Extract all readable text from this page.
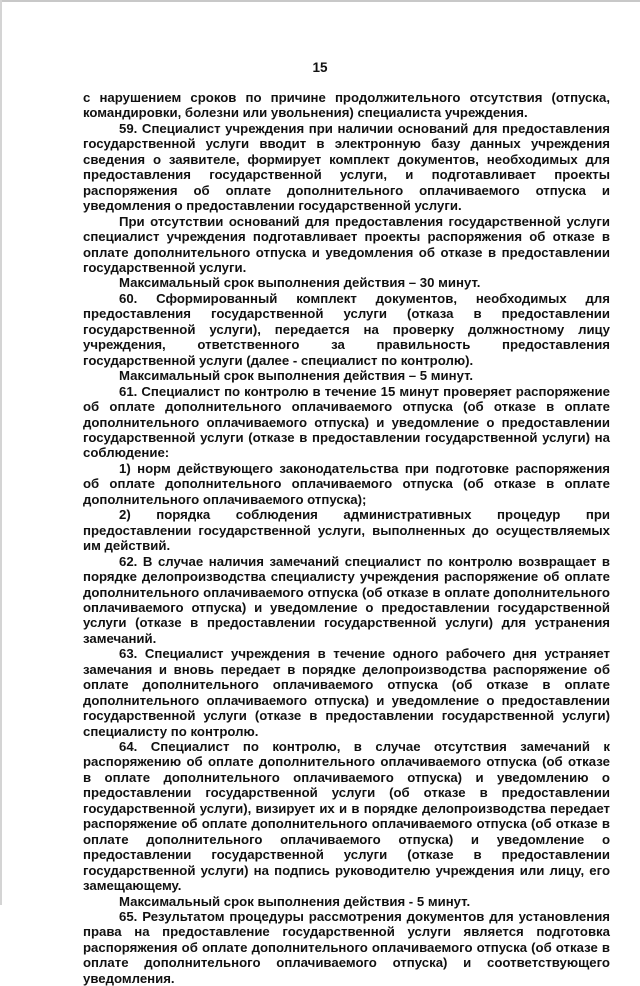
15

с нарушением сроков по причине продолжительного отсутствия (отпуска, командировки, болезни или увольнения) специалиста учреждения.

59. Специалист учреждения при наличии оснований для предоставления государственной услуги вводит в электронную базу данных учреждения сведения о заявителе, формирует комплект документов, необходимых для предоставления государственной услуги, и подготавливает проекты распоряжения об оплате дополнительного оплачиваемого отпуска и уведомления о предоставлении государственной услуги.

При отсутствии оснований для предоставления государственной услуги специалист учреждения подготавливает проекты распоряжения об отказе в оплате дополнительного отпуска и уведомления об отказе в предоставлении государственной услуги.

Максимальный срок выполнения действия – 30 минут.

60. Сформированный комплект документов, необходимых для предоставления государственной услуги (отказа в предоставлении государственной услуги), передается на проверку должностному лицу учреждения, ответственного за правильность предоставления государственной услуги (далее - специалист по контролю).

Максимальный срок выполнения действия – 5 минут.

61. Специалист по контролю в течение 15 минут проверяет распоряжение об оплате дополнительного оплачиваемого отпуска (об отказе в оплате дополнительного оплачиваемого отпуска) и уведомление о предоставлении государственной услуги (отказе в предоставлении государственной услуги) на соблюдение:

1) норм действующего законодательства при подготовке распоряжения об оплате дополнительного оплачиваемого отпуска (об отказе в оплате дополнительного оплачиваемого отпуска);

2) порядка соблюдения административных процедур при предоставлении государственной услуги, выполненных до осуществляемых им действий.

62. В случае наличия замечаний специалист по контролю возвращает в порядке делопроизводства специалисту учреждения распоряжение об оплате дополнительного оплачиваемого отпуска (об отказе в оплате дополнительного оплачиваемого отпуска) и уведомление о предоставлении государственной услуги (отказе в предоставлении государственной услуги) для устранения замечаний.

63. Специалист учреждения в течение одного рабочего дня устраняет замечания и вновь передает в порядке делопроизводства распоряжение об оплате дополнительного оплачиваемого отпуска (об отказе в оплате дополнительного оплачиваемого отпуска) и уведомление о предоставлении государственной услуги (отказе в предоставлении государственной услуги) специалисту по контролю.

64. Специалист по контролю, в случае отсутствия замечаний к распоряжению об оплате дополнительного оплачиваемого отпуска (об отказе в оплате дополнительного оплачиваемого отпуска) и уведомлению о предоставлении государственной услуги (об отказе в предоставлении государственной услуги), визирует их и в порядке делопроизводства передает распоряжение об оплате дополнительного оплачиваемого отпуска (об отказе в оплате дополнительного оплачиваемого отпуска) и уведомление о предоставлении государственной услуги (отказе в предоставлении государственной услуги) на подпись руководителю учреждения или лицу, его замещающему.

Максимальный срок выполнения действия - 5 минут.

65. Результатом процедуры рассмотрения документов для установления права на предоставление государственной услуги является подготовка распоряжения об оплате дополнительного оплачиваемого отпуска (об отказе в оплате дополнительного оплачиваемого отпуска) и соответствующего уведомления.
